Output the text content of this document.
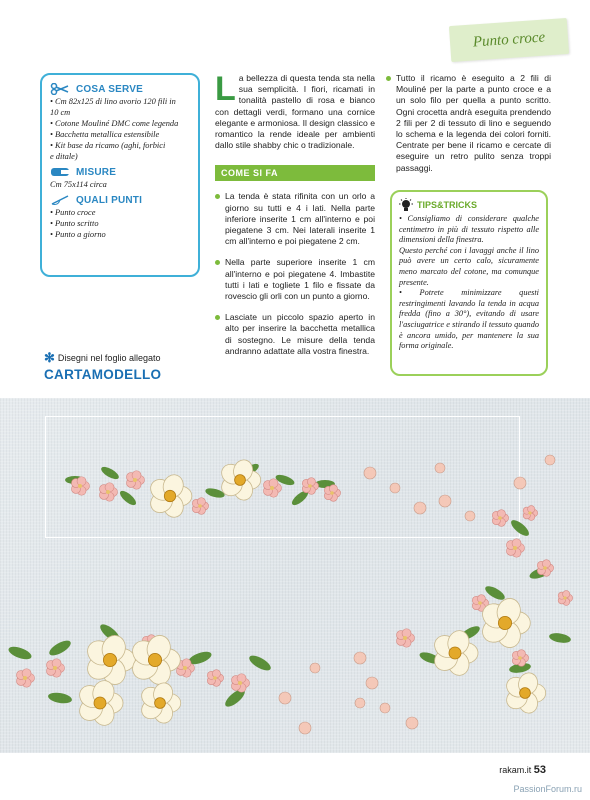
Punto croce
COSA SERVE
• Cm 82x125 di lino avorio 120 fili in
10 cm
• Cotone Mouliné DMC come legenda
• Bacchetta metallica estensibile
• Kit base da ricamo (aghi, forbici
e ditale)
MISURE

Cm 75x114 circa

QUALI PUNTI
• Punto croce
• Punto scritto
• Punto a giorno
✻ Disegni nel foglio allegato
CARTAMODELLO

La bellezza di questa tenda sta nella sua semplicità. I fiori, ricamati in tonalità pastello di rosa e bianco con dettagli verdi, formano una cornice elegante e armoniosa. Il design classico e romantico la rende ideale per ambienti dallo stile shabby chic o tradizionale.

COME SI FA

La tenda è stata rifinita con un orlo a giorno su tutti e 4 i lati. Nella parte inferiore inserite 1 cm all'interno e poi piegatene 3 cm. Nei laterali inserite 1 cm all'interno e poi piegatene 2 cm.

Nella parte superiore inserite 1 cm all'interno e poi piegatene 4. Imbastite tutti i lati e togliete 1 filo e fissate da rovescio gli orli con un punto a giorno.

Lasciate un piccolo spazio aperto in alto per inserire la bacchetta metallica di sostegno. Le misure della tenda andranno adattate alla vostra finestra.

Tutto il ricamo è eseguito a 2 fili di Mouliné per la parte a punto croce e a un solo filo per quella a punto scritto. Ogni crocetta andrà eseguita prendendo 2 fili per 2 di tessuto di lino e seguendo lo schema e la legenda dei colori forniti. Centrate per bene il ricamo e cercate di eseguire un retro pulito senza troppi passaggi.

TIPS&TRICKS

• Consigliamo di considerare qualche centimetro in più di tessuto rispetto alle dimensioni della finestra.

Questo perché con i lavaggi anche il lino può avere un certo calo, sicuramente meno marcato del cotone, ma comunque presente.

• Potrete minimizzare questi restringimenti lavando la tenda in acqua fredda (fino a 30°), evitando di usare l'asciugatrice e stirando il tessuto quando è ancora umido, per mantenere la sua forma originale.

rakam.it 53
PassionForum.ru
